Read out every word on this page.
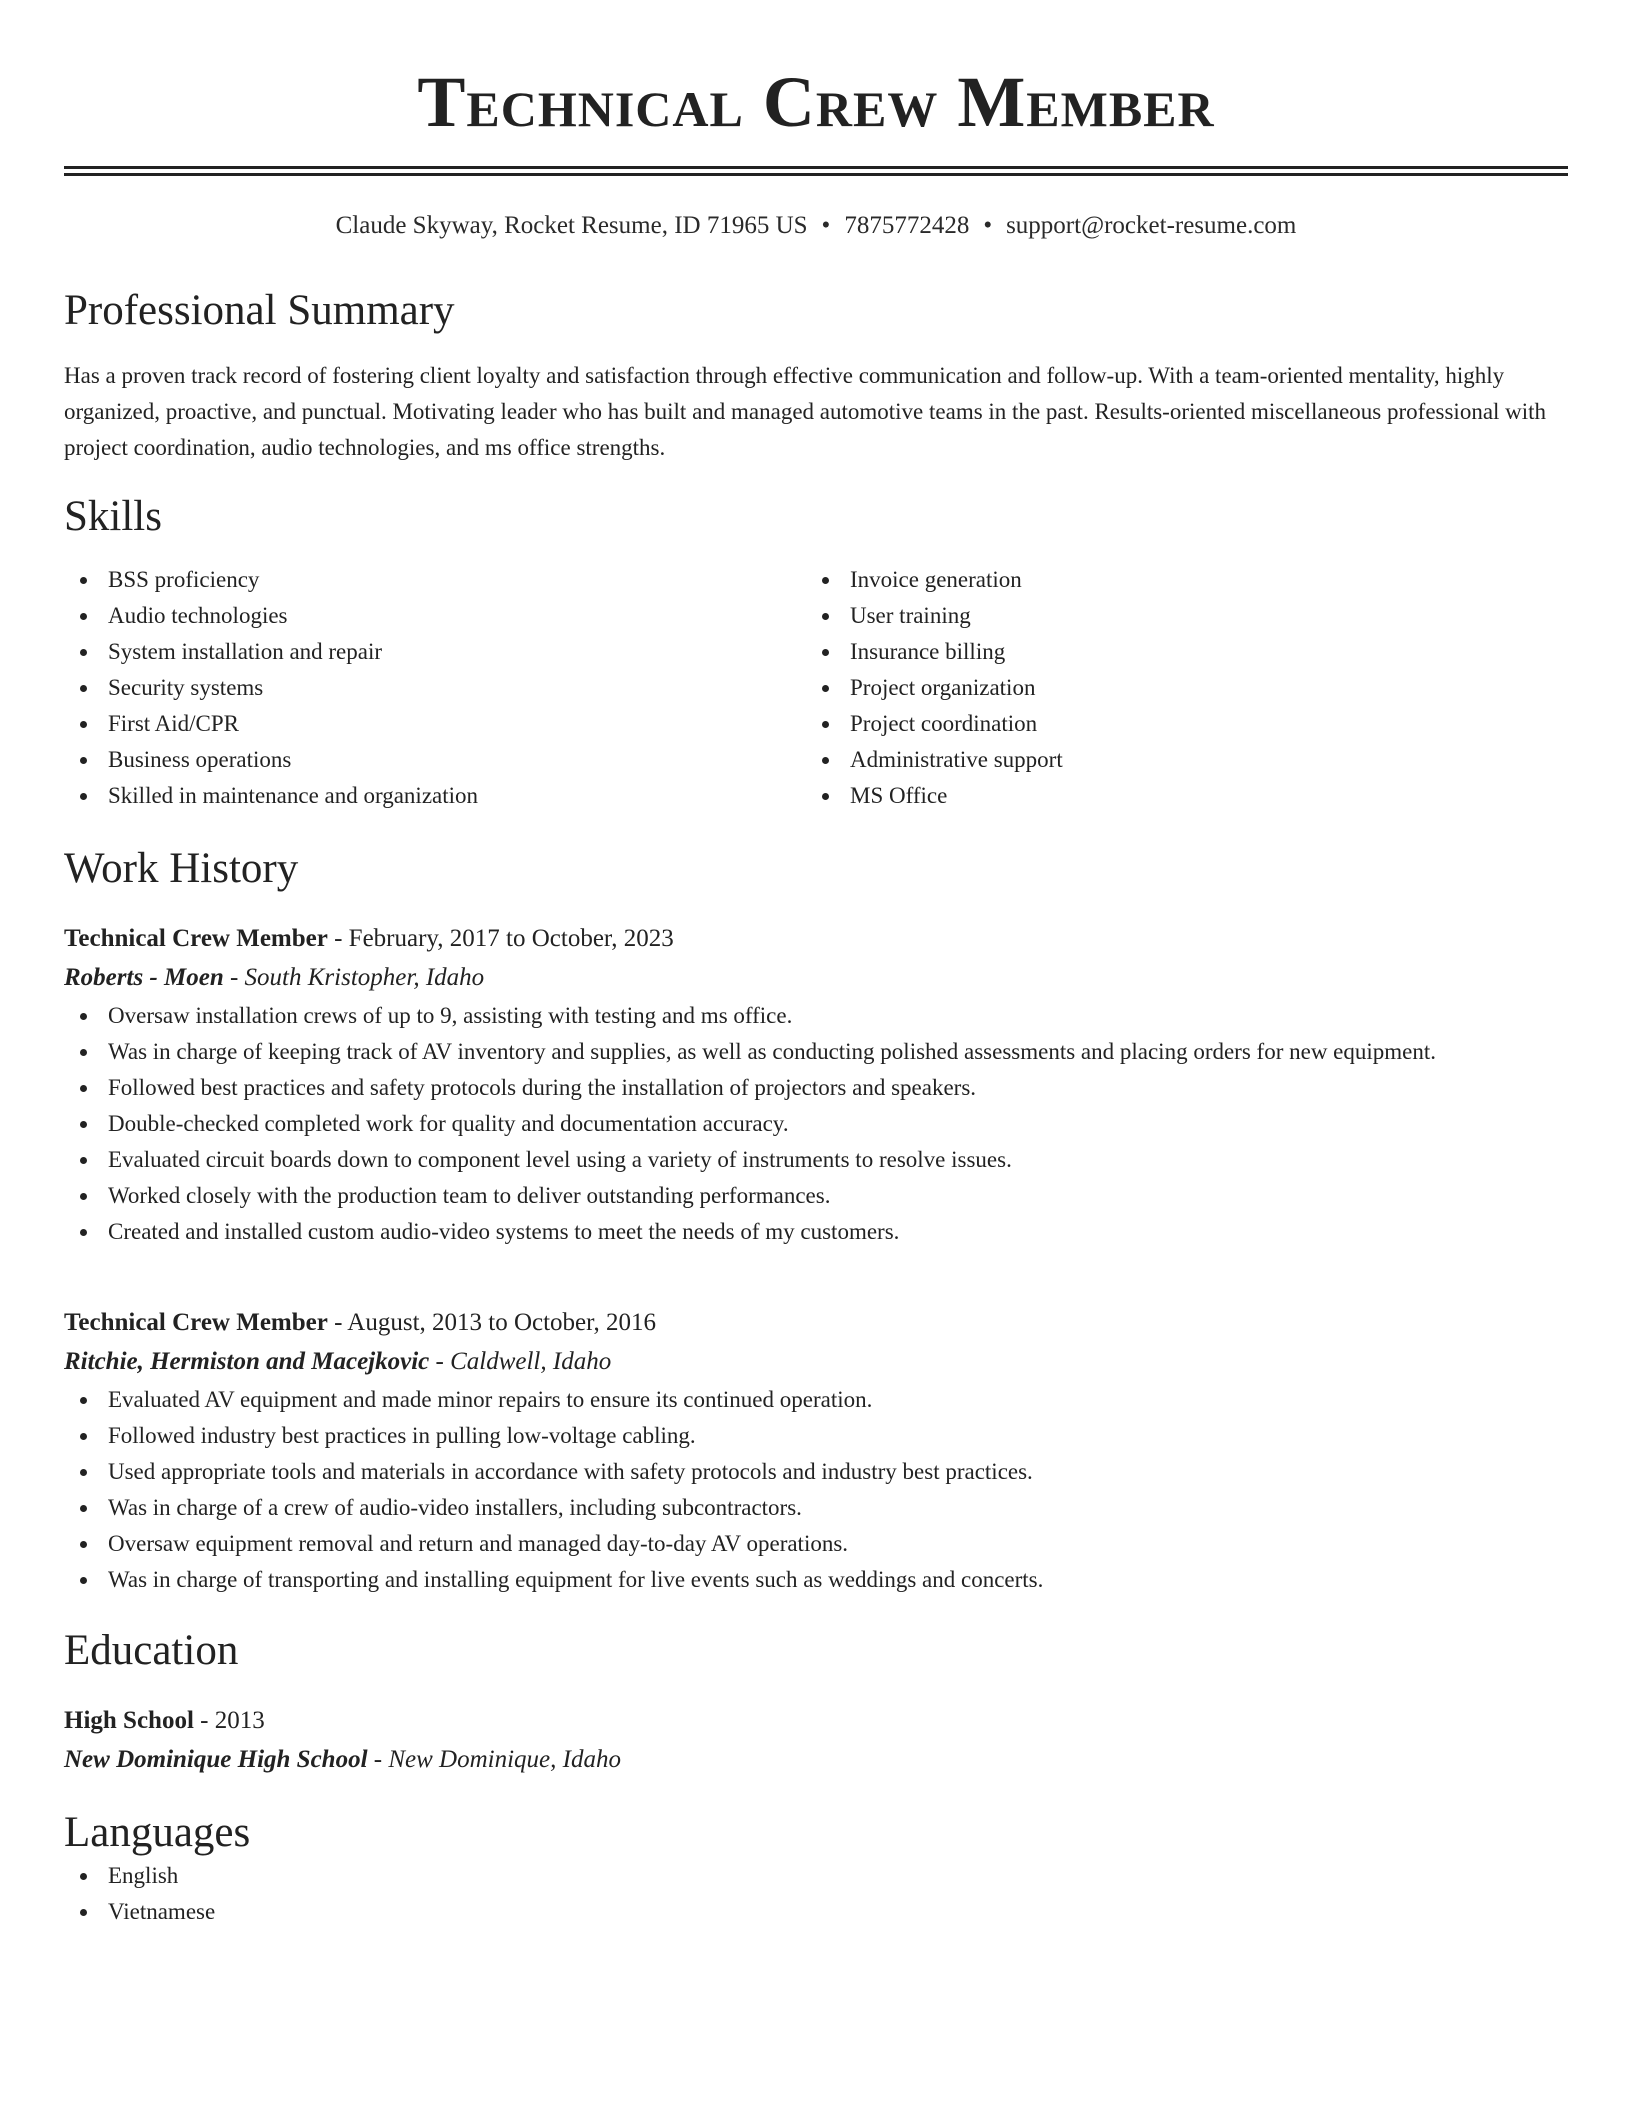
Technical Crew Member
Claude Skyway, Rocket Resume, ID 71965 US • 7875772428 • support@rocket-resume.com
Professional Summary

Has a proven track record of fostering client loyalty and satisfaction through effective communication and follow-up. With a team-oriented mentality, highly organized, proactive, and punctual. Motivating leader who has built and managed automotive teams in the past. Results-oriented miscellaneous professional with project coordination, audio technologies, and ms office strengths.

Skills
BSS proficiency
Audio technologies
System installation and repair
Security systems
First Aid/CPR
Business operations
Skilled in maintenance and organization
Invoice generation
User training
Insurance billing
Project organization
Project coordination
Administrative support
MS Office
Work History
Technical Crew Member - February, 2017 to October, 2023
Roberts - Moen - South Kristopher, Idaho
Oversaw installation crews of up to 9, assisting with testing and ms office.
Was in charge of keeping track of AV inventory and supplies, as well as conducting polished assessments and placing orders for new equipment.
Followed best practices and safety protocols during the installation of projectors and speakers.
Double-checked completed work for quality and documentation accuracy.
Evaluated circuit boards down to component level using a variety of instruments to resolve issues.
Worked closely with the production team to deliver outstanding performances.
Created and installed custom audio-video systems to meet the needs of my customers.
Technical Crew Member - August, 2013 to October, 2016
Ritchie, Hermiston and Macejkovic - Caldwell, Idaho
Evaluated AV equipment and made minor repairs to ensure its continued operation.
Followed industry best practices in pulling low-voltage cabling.
Used appropriate tools and materials in accordance with safety protocols and industry best practices.
Was in charge of a crew of audio-video installers, including subcontractors.
Oversaw equipment removal and return and managed day-to-day AV operations.
Was in charge of transporting and installing equipment for live events such as weddings and concerts.
Education
High School - 2013
New Dominique High School - New Dominique, Idaho
Languages
English
Vietnamese
